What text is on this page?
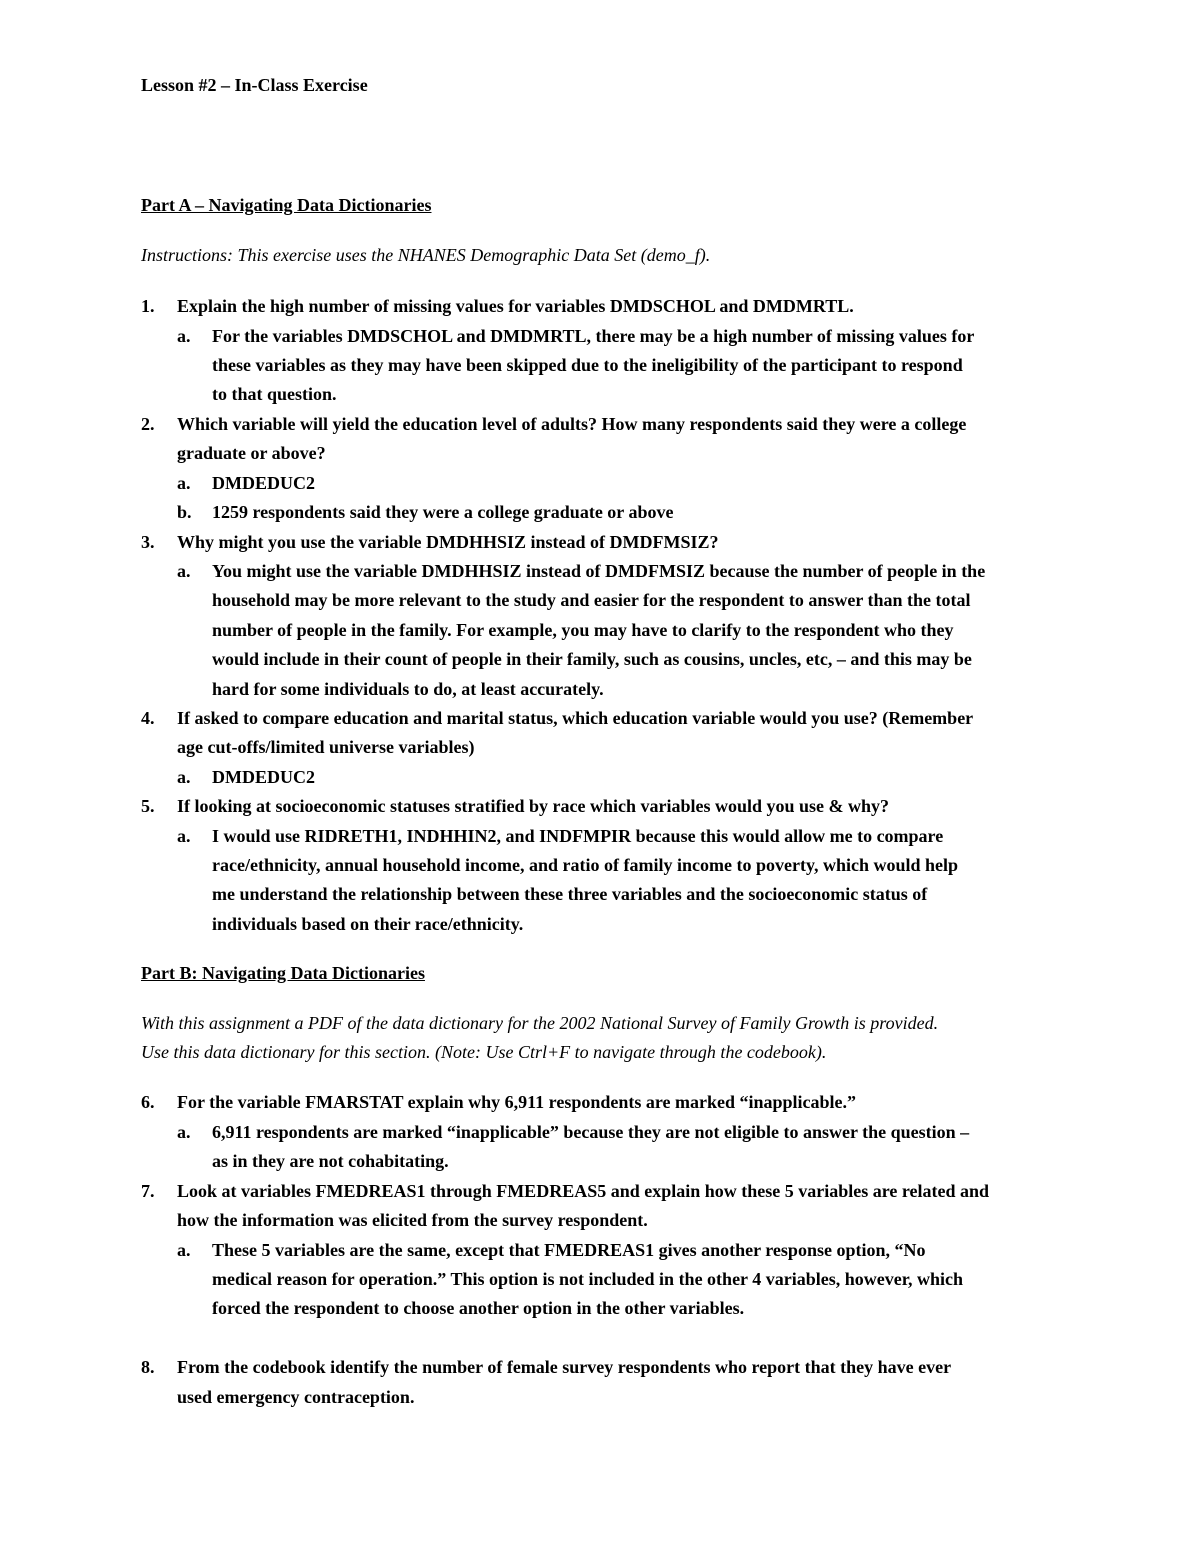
Lesson #2 – In-Class Exercise
Part A – Navigating Data Dictionaries
Instructions: This exercise uses the NHANES Demographic Data Set (demo_f).
1. Explain the high number of missing values for variables DMDSCHOL and DMDMRTL.
a. For the variables DMDSCHOL and DMDMRTL, there may be a high number of missing values for
these variables as they may have been skipped due to the ineligibility of the participant to respond
to that question.
2. Which variable will yield the education level of adults? How many respondents said they were a college
graduate or above?
a. DMDEDUC2
b. 1259 respondents said they were a college graduate or above
3. Why might you use the variable DMDHHSIZ instead of DMDFMSIZ?
a. You might use the variable DMDHHSIZ instead of DMDFMSIZ because the number of people in the
household may be more relevant to the study and easier for the respondent to answer than the total
number of people in the family. For example, you may have to clarify to the respondent who they
would include in their count of people in their family, such as cousins, uncles, etc, – and this may be
hard for some individuals to do, at least accurately.
4. If asked to compare education and marital status, which education variable would you use? (Remember
age cut-offs/limited universe variables)
a. DMDEDUC2
5. If looking at socioeconomic statuses stratified by race which variables would you use & why?
a. I would use RIDRETH1, INDHHIN2, and INDFMPIR because this would allow me to compare
race/ethnicity, annual household income, and ratio of family income to poverty, which would help
me understand the relationship between these three variables and the socioeconomic status of
individuals based on their race/ethnicity.
Part B: Navigating Data Dictionaries
With this assignment a PDF of the data dictionary for the 2002 National Survey of Family Growth is provided.
Use this data dictionary for this section. (Note: Use Ctrl+F to navigate through the codebook).
6. For the variable FMARSTAT explain why 6,911 respondents are marked “inapplicable.”
a. 6,911 respondents are marked “inapplicable” because they are not eligible to answer the question –
as in they are not cohabitating.
7. Look at variables FMEDREAS1 through FMEDREAS5 and explain how these 5 variables are related and
how the information was elicited from the survey respondent.
a. These 5 variables are the same, except that FMEDREAS1 gives another response option, “No
medical reason for operation.” This option is not included in the other 4 variables, however, which
forced the respondent to choose another option in the other variables.
8. From the codebook identify the number of female survey respondents who report that they have ever
used emergency contraception.
